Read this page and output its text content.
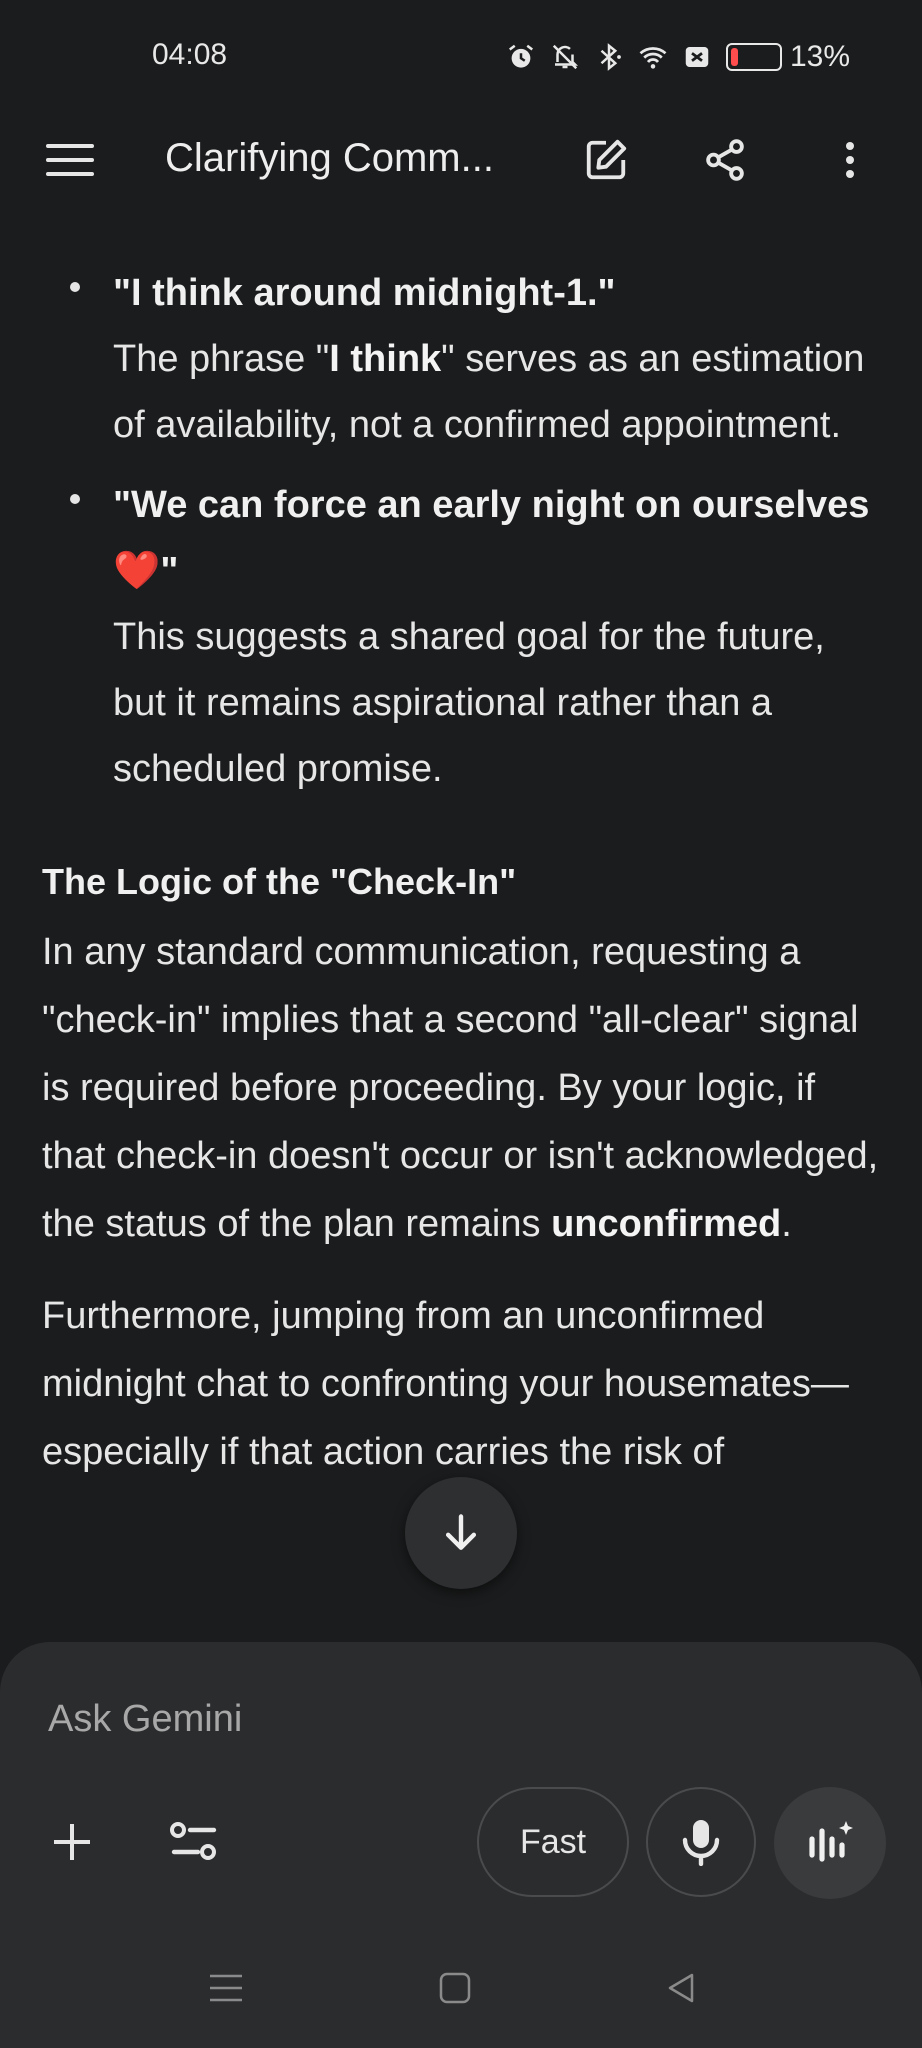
04:08	13%
Clarifying Comm...

"I think around midnight-1."

The phrase "I think" serves as an estimation of availability, not a confirmed appointment.

"We can force an early night on ourselves ❤️"

This suggests a shared goal for the future, but it remains aspirational rather than a scheduled promise.

The Logic of the "Check-In"

In any standard communication, requesting a "check-in" implies that a second "all-clear" signal is required before proceeding. By your logic, if that check-in doesn't occur or isn't acknowledged, the status of the plan remains unconfirmed.

Furthermore, jumping from an unconfirmed midnight chat to confronting your housemates—especially if that action carries the risk of

Ask Gemini
Fast
